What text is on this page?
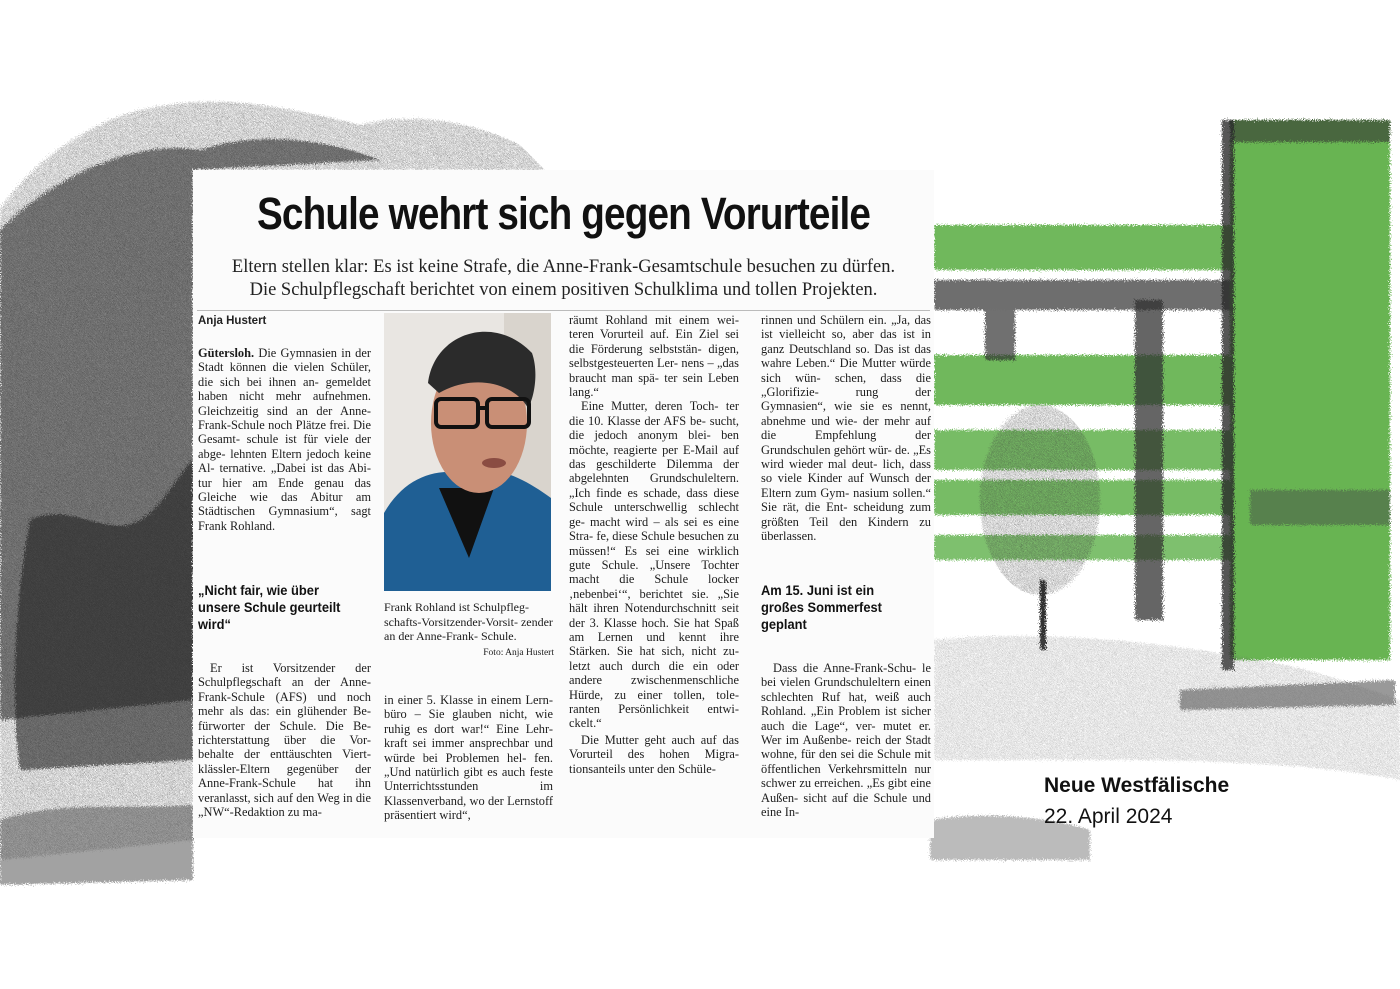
Schule wehrt sich gegen Vorurteile
Eltern stellen klar: Es ist keine Strafe, die Anne-Frank-Gesamtschule besuchen zu dürfen.
Die Schulpflegschaft berichtet von einem positiven Schulklima und tollen Projekten.
Anja Hustert

Gütersloh. Die Gymnasien in der Stadt können die vielen Schüler, die sich bei ihnen an- gemeldet haben nicht mehr aufnehmen. Gleichzeitig sind an der Anne-Frank-Schule noch Plätze frei. Die Gesamt- schule ist für viele der abge- lehnten Eltern jedoch keine Al- ternative. „Dabei ist das Abi- tur hier am Ende genau das Gleiche wie das Abitur am Städtischen Gymnasium“, sagt Frank Rohland.

„Nicht fair, wie über unsere Schule geurteilt wird“

Er ist Vorsitzender der Schulpflegschaft an der Anne- Frank-Schule (AFS) und noch mehr als das: ein glühender Be- fürworter der Schule. Die Be- richterstattung über die Vor- behalte der enttäuschten Viert- klässler-Eltern gegenüber der Anne-Frank-Schule hat ihn veranlasst, sich auf den Weg in die „NW“-Redaktion zu ma-

Frank Rohland ist Schulpfleg- schafts-Vorsitzender-Vorsit- zender an der Anne-Frank- Schule.
Foto: Anja Hustert

in einer 5. Klasse in einem Lern- büro – Sie glauben nicht, wie ruhig es dort war!“ Eine Lehr- kraft sei immer ansprechbar und würde bei Problemen hel- fen. „Und natürlich gibt es auch feste Unterrichtsstunden im Klassenverband, wo der Lernstoff präsentiert wird“,

räumt Rohland mit einem wei- teren Vorurteil auf. Ein Ziel sei die Förderung selbststän- digen, selbstgesteuerten Ler- nens – „das braucht man spä- ter sein Leben lang.“

Eine Mutter, deren Toch- ter die 10. Klasse der AFS be- sucht, die jedoch anonym blei- ben möchte, reagierte per E-Mail auf das geschilderte Dilemma der abgelehnten Grundschuleltern. „Ich finde es schade, dass diese Schule unterschwellig schlecht ge- macht wird – als sei es eine Stra- fe, diese Schule besuchen zu müssen!“ Es sei eine wirklich gute Schule. „Unsere Tochter macht die Schule locker ‚nebenbei‘“, berichtet sie. „Sie hält ihren Notendurchschnitt seit der 3. Klasse hoch. Sie hat Spaß am Lernen und kennt ihre Stärken. Sie hat sich, nicht zu- letzt auch durch die ein oder andere zwischenmenschliche Hürde, zu einer tollen, tole- ranten Persönlichkeit entwi- ckelt.“

Die Mutter geht auch auf das Vorurteil des hohen Migra- tionsanteils unter den Schüle-

rinnen und Schülern ein. „Ja, das ist vielleicht so, aber das ist in ganz Deutschland so. Das ist das wahre Leben.“ Die Mutter würde sich wün- schen, dass die „Glorifizie- rung der Gymnasien“, wie sie es nennt, abnehme und wie- der mehr auf die Empfehlung der Grundschulen gehört wür- de. „Es wird wieder mal deut- lich, dass so viele Kinder auf Wunsch der Eltern zum Gym- nasium sollen.“ Sie rät, die Ent- scheidung zum größten Teil den Kindern zu überlassen.

Am 15. Juni ist ein großes Sommerfest geplant

Dass die Anne-Frank-Schu- le bei vielen Grundschuleltern einen schlechten Ruf hat, weiß auch Rohland. „Ein Problem ist sicher auch die Lage“, ver- mutet er. Wer im Außenbe- reich der Stadt wohne, für den sei die Schule mit öffentlichen Verkehrsmitteln nur schwer zu erreichen. „Es gibt eine Außen- sicht auf die Schule und eine In-

Neue Westfälische
22. April 2024
